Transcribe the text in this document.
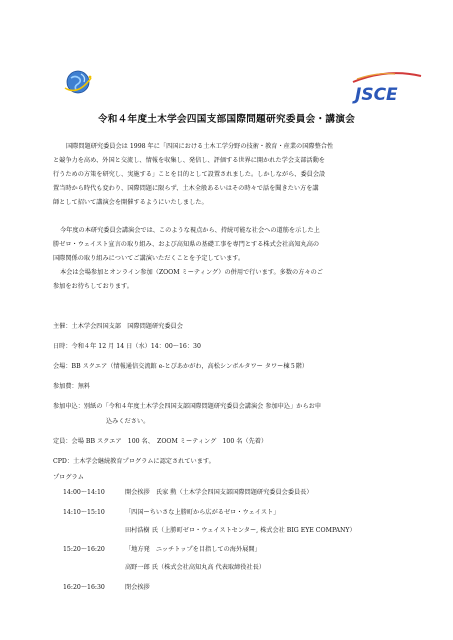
JSCE
令和４年度土木学会四国支部国際問題研究委員会・講演会
国際問題研究委員会は 1998 年に「四国における土木工学分野の技術・教育・産業の国際整合性
と競争力を高め、外国と交流し、情報を収集し、発信し、評価する世界に開かれた学会支部活動を
行うための方策を研究し、実施する」ことを目的として設置されました。しかしながら、委員会設
置当時から時代も変わり、国際問題に限らず、土木全般あるいはその時々で話を聞きたい方を講
師として招いて講演会を開催するようにいたしました。
今年度の本研究委員会講演会では、このような視点から、持続可能な社会への道筋を示した上
勝ゼロ・ウェイスト宣言の取り組み、および高知県の基礎工事を専門とする株式会社高知丸高の
国際関係の取り組みについてご講演いただくことを予定しています。
本会は会場参加とオンライン参加（ZOOM ミーティング）の併用で行います。多数の方々のご
参加をお待ちしております。
主催：土木学会四国支部　国際問題研究委員会
日時：令和４年 12 月 14 日（水）14：00～16：30
会場：BB スクエア（情報通信交流館 e-とぴあかがわ，高松シンボルタワー タワー棟５階）
参加費：無料
参加申込：別紙の「令和４年度土木学会四国支部国際問題研究委員会講演会 参加申込」からお申
込みください。
定員：会場 BB スクエア　100 名、　ZOOM ミーティング　100 名（先着）
CPD：土木学会継続教育プログラムに認定されています。
プログラム
14:00～14:10	開会挨拶　氏家 勲（土木学会四国支部国際問題研究委員会委員長）
14:10～15:10	「四国ーちいさな上勝町から広がるゼロ・ウェイスト」
田村浩樹 氏（上勝町ゼロ・ウェイストセンター, 株式会社 BIG EYE COMPANY）
15:20～16:20	「地方発　ニッチトップを目指しての海外展開」
高野一郎 氏（株式会社高知丸高 代表取締役社長）
16:20～16:30	閉会挨拶
